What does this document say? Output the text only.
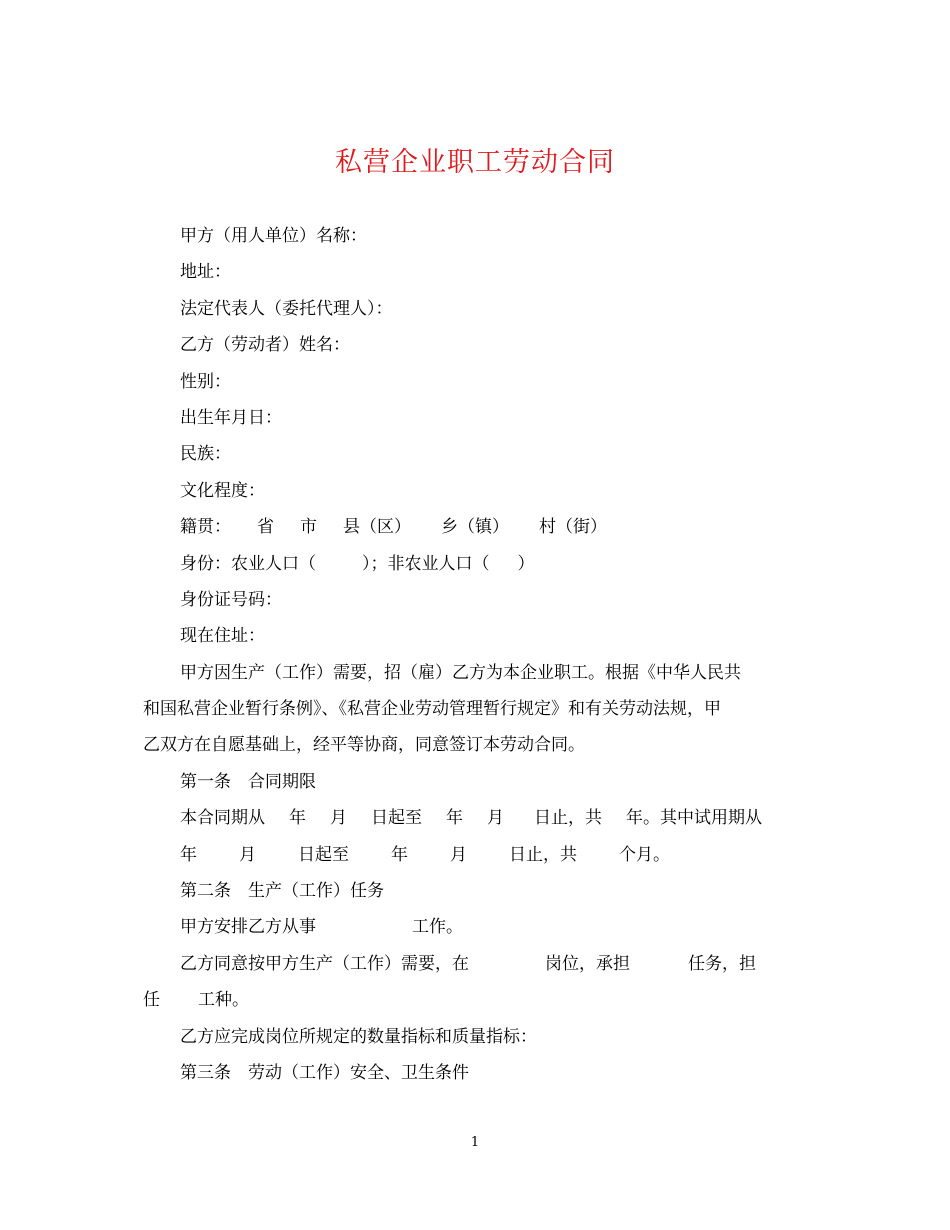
私营企业职工劳动合同
甲方（用人单位）名称：
地址：
法定代表人（委托代理人）：
乙方（劳动者）姓名：
性别：
出生年月日：
民族：
文化程度：
籍贯： 省 市 县（区） 乡（镇） 村（街）
身份：农业人口（	）；非农业人口（ ）
身份证号码：
现在住址：
甲方因生产（工作）需要，招（雇）乙方为本企业职工。根据《中华人民共
和国私营企业暂行条例》、《私营企业劳动管理暂行规定》和有关劳动法规，甲
乙双方在自愿基础上，经平等协商，同意签订本劳动合同。
第一条　合同期限
本合同期从 年 月 日起至 年 月 日止，共 年。其中试用期从
年 月 日起至 年 月 日止，共 个月。
第二条　生产（工作）任务
甲方安排乙方从事	工作。
乙方同意按甲方生产（工作）需要，在	岗位，承担	任务，担
任 工种。
乙方应完成岗位所规定的数量指标和质量指标：
第三条　劳动（工作）安全、卫生条件
1
